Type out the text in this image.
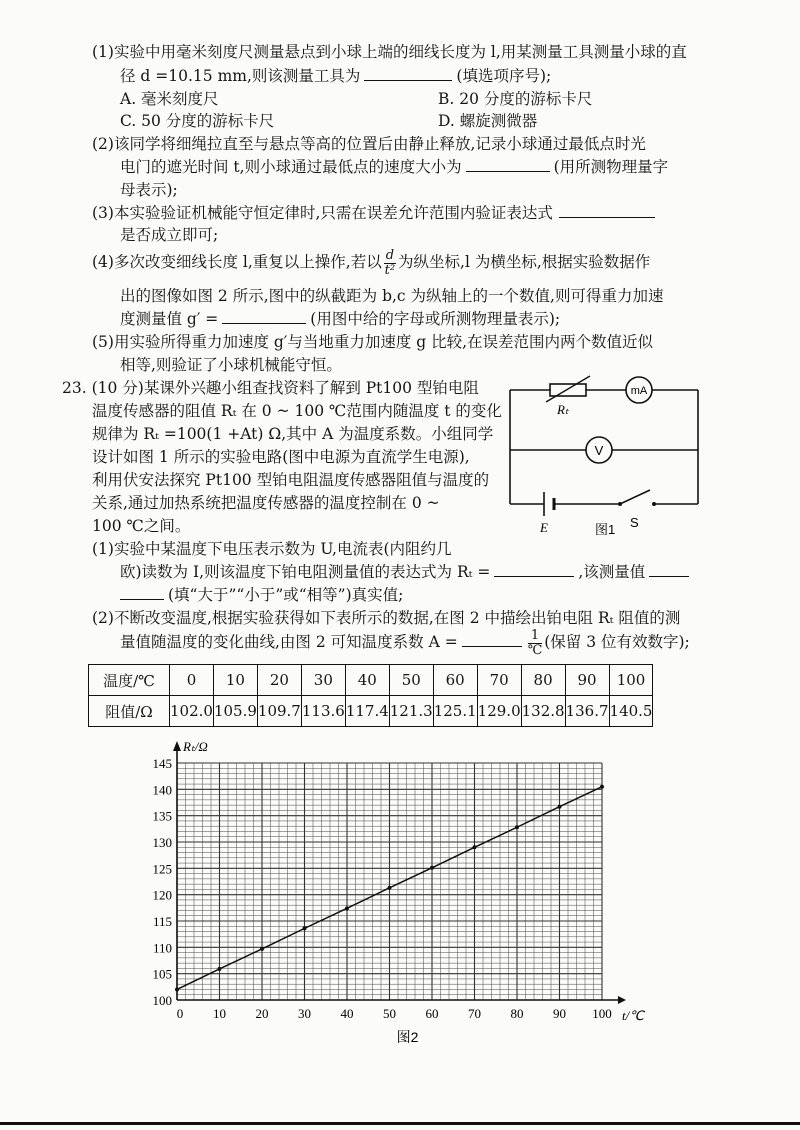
(1)实验中用毫米刻度尺测量悬点到小球上端的细线长度为 l,用某测量工具测量小球的直
径 d =10.15 mm,则该测量工具为	(填选项序号);
A. 毫米刻度尺	B. 20 分度的游标卡尺
C. 50 分度的游标卡尺	D. 螺旋测微器
(2)该同学将细绳拉直至与悬点等高的位置后由静止释放,记录小球通过最低点时光
电门的遮光时间 t,则小球通过最低点的速度大小为	(用所测物理量字
母表示);
(3)本实验验证机械能守恒定律时,只需在误差允许范围内验证表达式
是否成立即可;
(4)多次改变细线长度 l,重复以上操作,若以 $\frac{d}{\text{t²}}$ 为纵坐标,l 为横坐标,根据实验数据作
出的图像如图 2 所示,图中的纵截距为 b,c 为纵轴上的一个数值,则可得重力加速
度测量值 g′ =	(用图中给的字母或所测物理量表示);
(5)用实验所得重力加速度 g′与当地重力加速度 g 比较,在误差范围内两个数值近似
相等,则验证了小球机械能守恒。
23. (10 分)某课外兴趣小组查找资料了解到 Pt100 型铂电阻
温度传感器的阻值 Rₜ 在 0 ~ 100 ℃范围内随温度 t 的变化
规律为 Rₜ =100(1 +At) Ω,其中 A 为温度系数。小组同学
设计如图 1 所示的实验电路(图中电源为直流学生电源),
利用伏安法探究 Pt100 型铂电阻温度传感器阻值与温度的
关系,通过加热系统把温度传感器的温度控制在 0 ~
100 ℃之间。
Rₜ
mA
V
E	S
图1
(1)实验中某温度下电压表示数为 U,电流表(内阻约几
欧)读数为 I,则该温度下铂电阻测量值的表达式为 Rₜ =	,该测量值
(填“大于”“小于”或“相等”)真实值;
(2)不断改变温度,根据实验获得如下表所示的数据,在图 2 中描绘出铂电阻 Rₜ 阻值的测
量值随温度的变化曲线,由图 2 可知温度系数 A =	$\frac{1}{℃}$ (保留 3 位有效数字);
温度/℃	0	10	20	30	40	50	60	70	80	90	100
阻值/Ω	102.0	105.9	109.7	113.6	117.4	121.3	125.1	129.0	132.8	136.7	140.5
0 10 20 30 40 50 60 70 80 90 100
100
105
110
115
120
125
130
135
140
145
t/℃
Rₜ/Ω
图2
